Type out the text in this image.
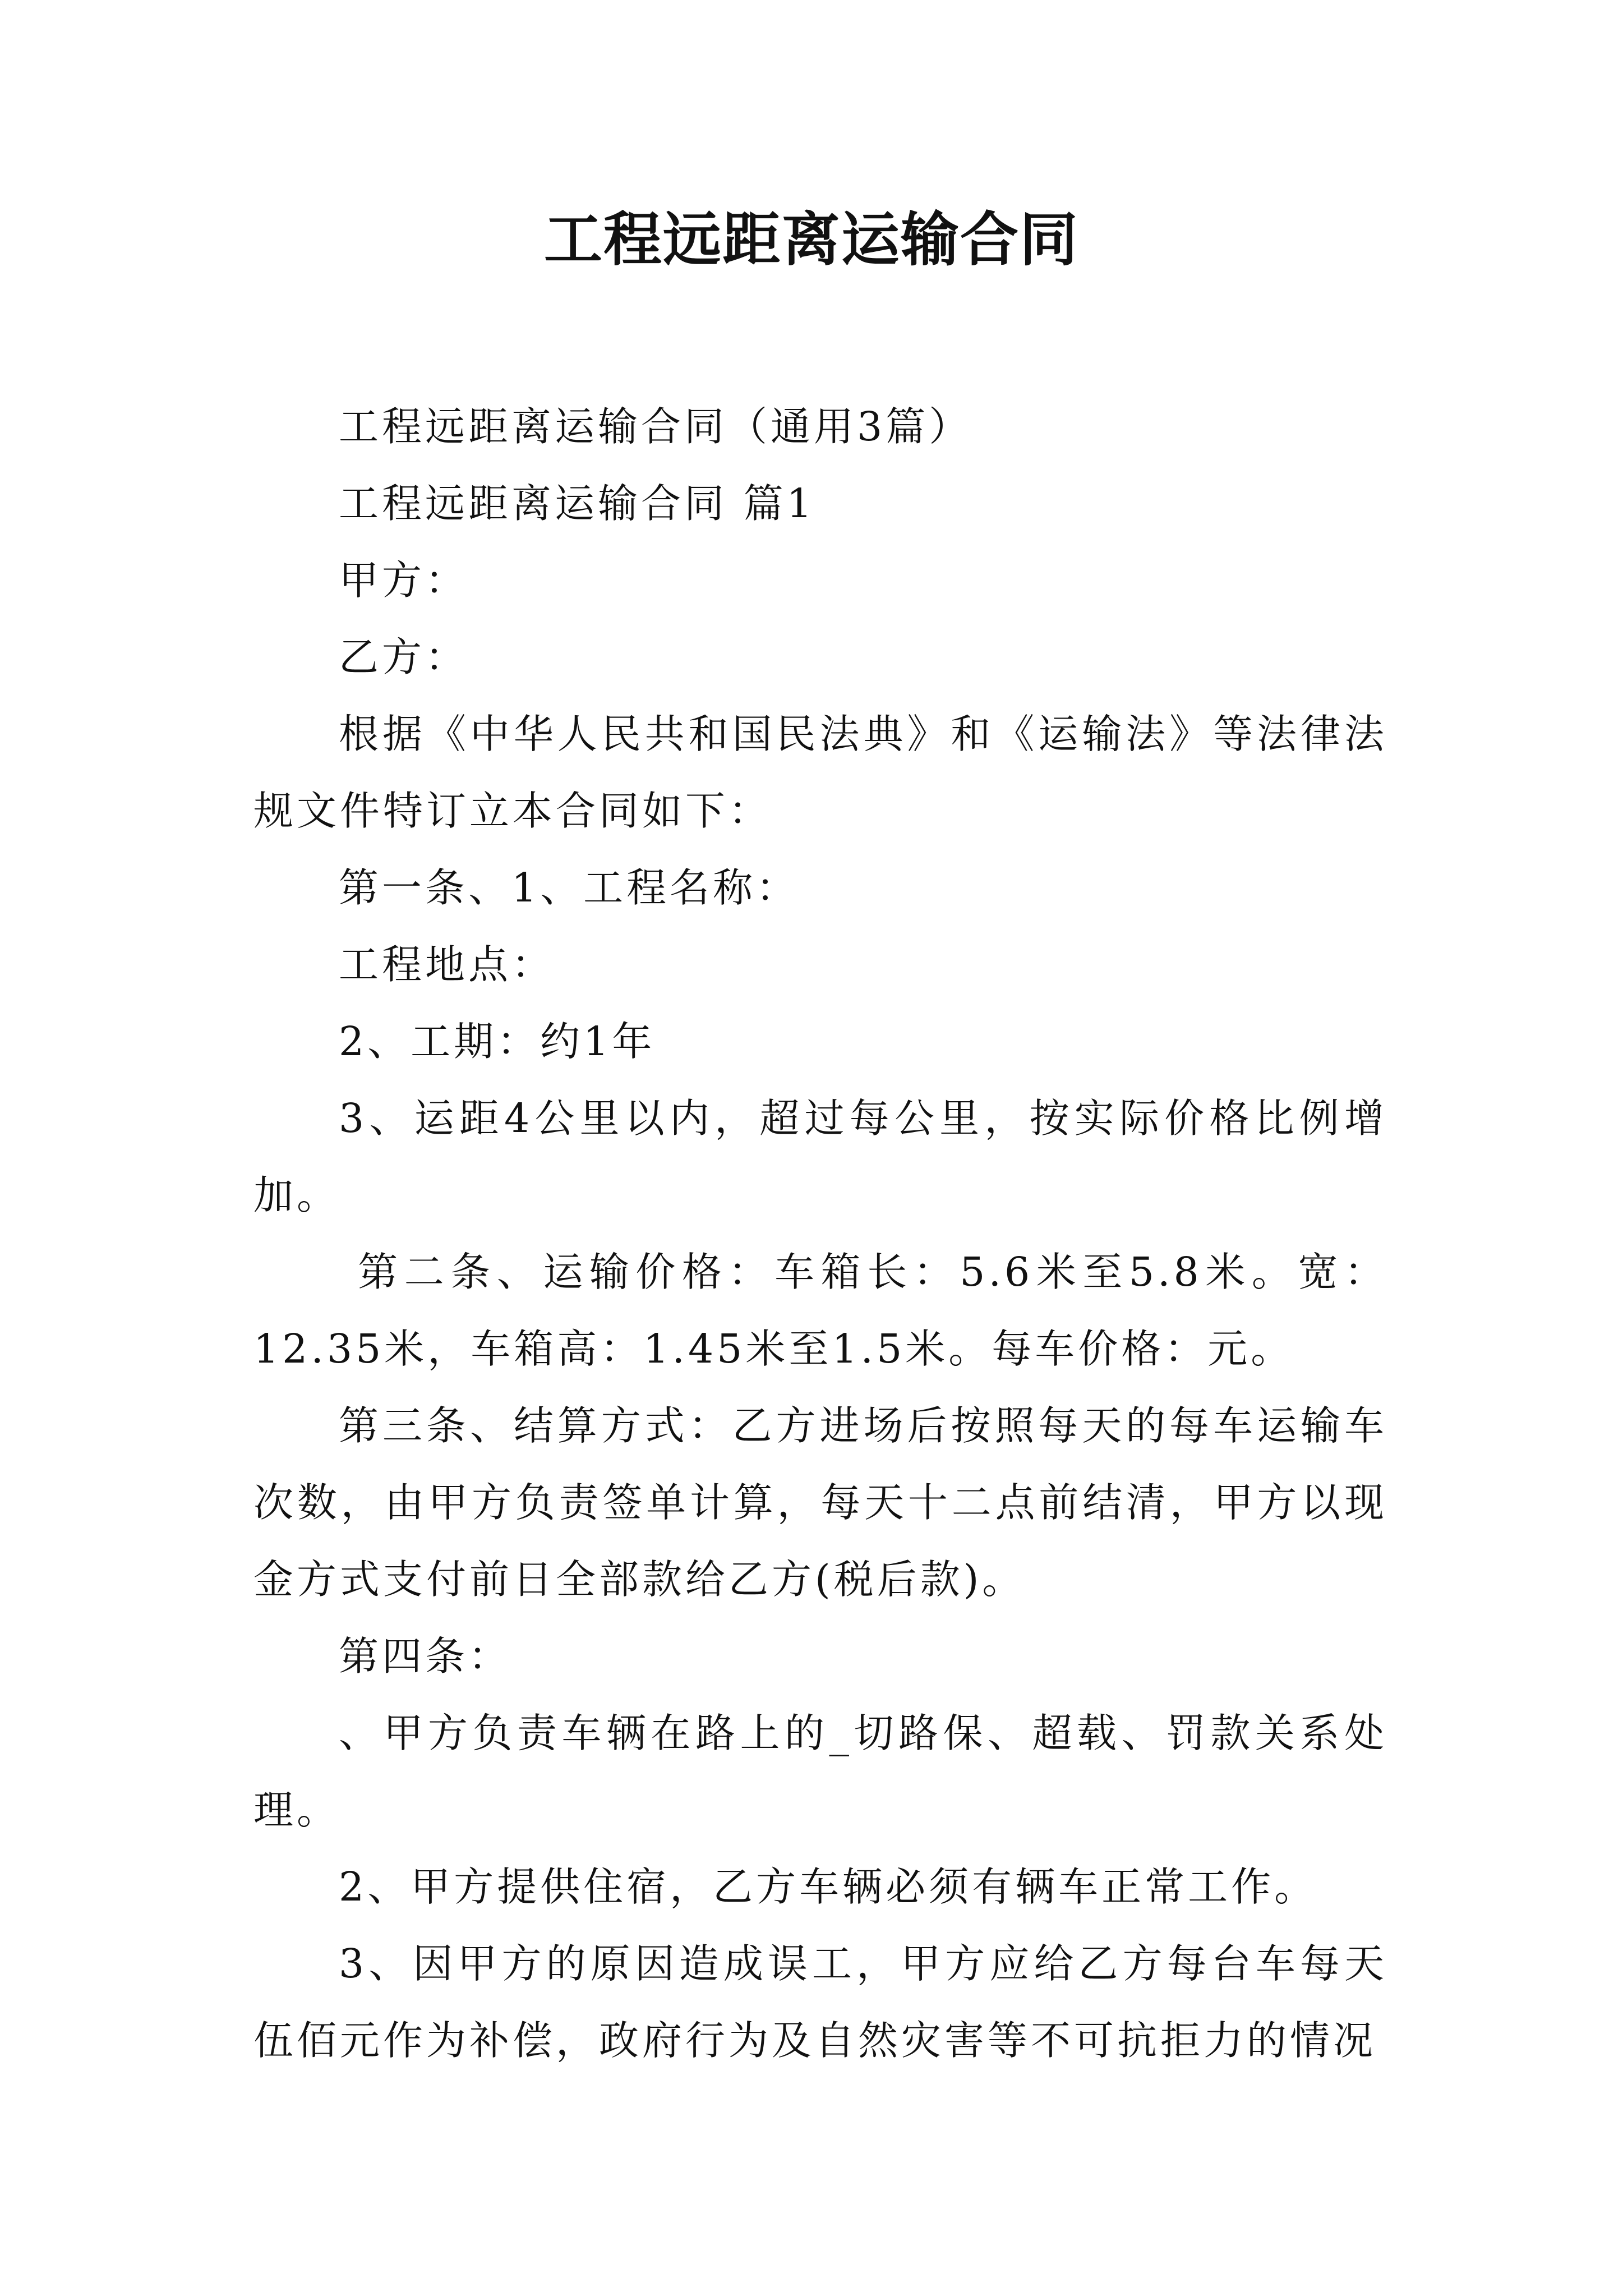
工程远距离运输合同

工程远距离运输合同（通用3篇）

工程远距离运输合同 篇1

甲方：

乙方：

根据《中华人民共和国民法典》和《运输法》等法律法规文件特订立本合同如下：

第一条、1、工程名称：

工程地点：

2、工期：约1年

3、运距4公里以内，超过每公里，按实际价格比例增加。

第二条、运输价格：车箱长：5.6米至5.8米。宽：12.35米，车箱高：1.45米至1.5米。每车价格：元。

第三条、结算方式：乙方进场后按照每天的每车运输车次数，由甲方负责签单计算，每天十二点前结清，甲方以现金方式支付前日全部款给乙方(税后款)。

第四条：

、甲方负责车辆在路上的_切路保、超载、罚款关系处理。

2、甲方提供住宿，乙方车辆必须有辆车正常工作。

3、因甲方的原因造成误工，甲方应给乙方每台车每天伍佰元作为补偿，政府行为及自然灾害等不可抗拒力的情况
